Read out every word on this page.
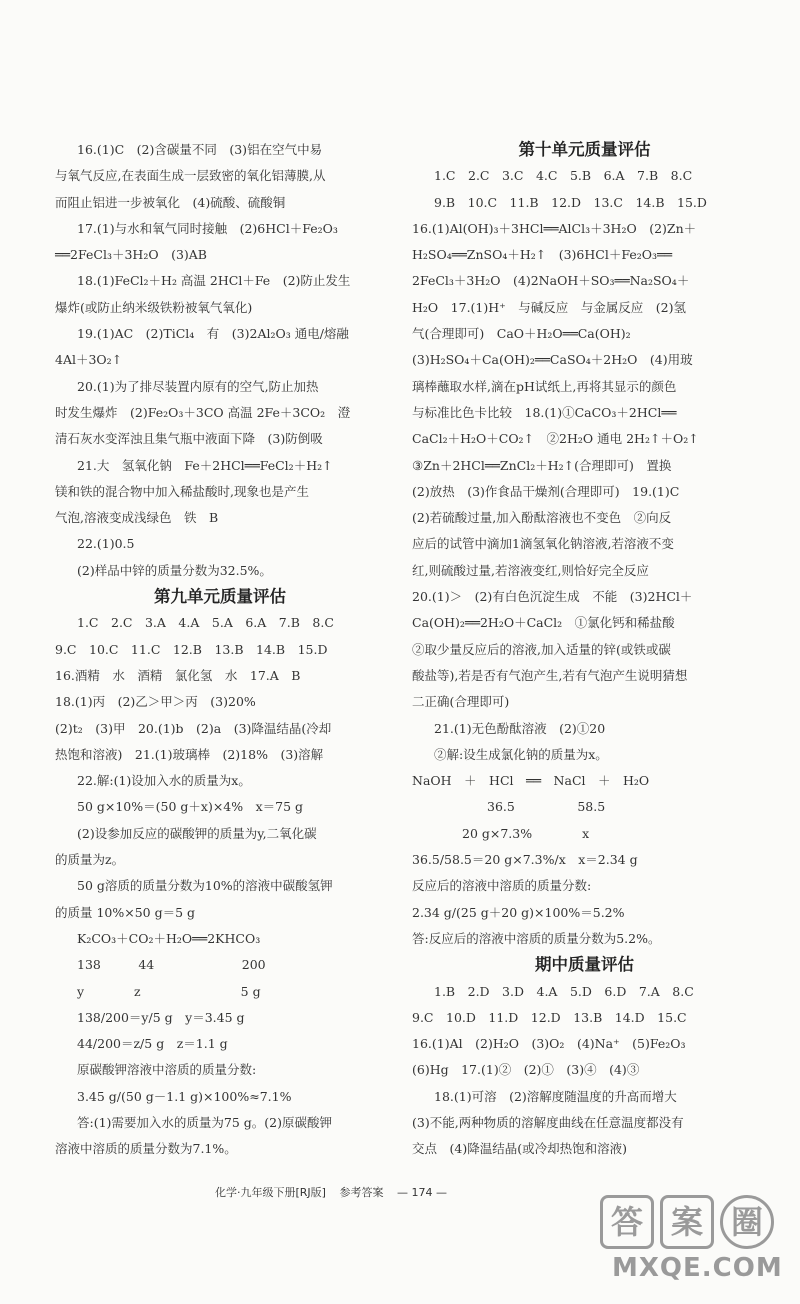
16.(1)C　(2)含碳量不同　(3)铝在空气中易
与氧气反应,在表面生成一层致密的氧化铝薄膜,从
而阻止铝进一步被氧化　(4)硫酸、硫酸铜
17.(1)与水和氧气同时接触　(2)6HCl＋Fe₂O₃
══2FeCl₃＋3H₂O　(3)AB
18.(1)FeCl₂＋H₂ 高温 2HCl＋Fe　(2)防止发生
爆炸(或防止纳米级铁粉被氧气氧化)
19.(1)AC　(2)TiCl₄　有　(3)2Al₂O₃ 通电/熔融
4Al＋3O₂↑
20.(1)为了排尽装置内原有的空气,防止加热
时发生爆炸　(2)Fe₂O₃＋3CO 高温 2Fe＋3CO₂　澄
清石灰水变浑浊且集气瓶中液面下降　(3)防倒吸
21.大　氢氧化钠　Fe＋2HCl══FeCl₂＋H₂↑
镁和铁的混合物中加入稀盐酸时,现象也是产生
气泡,溶液变成浅绿色　铁　B
22.(1)0.5
(2)样品中锌的质量分数为32.5%。
第九单元质量评估
1.C　2.C　3.A　4.A　5.A　6.A　7.B　8.C
9.C　10.C　11.C　12.B　13.B　14.B　15.D
16.酒精　水　酒精　氯化氢　水　17.A　B
18.(1)丙　(2)乙＞甲＞丙　(3)20%
(2)t₂　(3)甲　20.(1)b　(2)a　(3)降温结晶(冷却
热饱和溶液)　21.(1)玻璃棒　(2)18%　(3)溶解
22.解:(1)设加入水的质量为x。
50 g×10%＝(50 g＋x)×4%　x＝75 g
(2)设参加反应的碳酸钾的质量为y,二氧化碳
的质量为z。
50 g溶质的质量分数为10%的溶液中碳酸氢钾
的质量 10%×50 g＝5 g
K₂CO₃＋CO₂＋H₂O══2KHCO₃
138　　　44　　　　　　　200
y　　　　z　　　　　　　　5 g
138/200＝y/5 g　y＝3.45 g
44/200＝z/5 g　z＝1.1 g
原碳酸钾溶液中溶质的质量分数:
3.45 g/(50 g－1.1 g)×100%≈7.1%
答:(1)需要加入水的质量为75 g。(2)原碳酸钾
溶液中溶质的质量分数为7.1%。
第十单元质量评估
1.C　2.C　3.C　4.C　5.B　6.A　7.B　8.C
9.B　10.C　11.B　12.D　13.C　14.B　15.D
16.(1)Al(OH)₃＋3HCl══AlCl₃＋3H₂O　(2)Zn＋
H₂SO₄══ZnSO₄＋H₂↑　(3)6HCl＋Fe₂O₃══
2FeCl₃＋3H₂O　(4)2NaOH＋SO₃══Na₂SO₄＋
H₂O　17.(1)H⁺　与碱反应　与金属反应　(2)氢
气(合理即可)　CaO＋H₂O══Ca(OH)₂
(3)H₂SO₄＋Ca(OH)₂══CaSO₄＋2H₂O　(4)用玻
璃棒蘸取水样,滴在pH试纸上,再将其显示的颜色
与标准比色卡比较　18.(1)①CaCO₃＋2HCl══
CaCl₂＋H₂O＋CO₂↑　②2H₂O 通电 2H₂↑＋O₂↑
③Zn＋2HCl══ZnCl₂＋H₂↑(合理即可)　置换
(2)放热　(3)作食品干燥剂(合理即可)　19.(1)C
(2)若硫酸过量,加入酚酞溶液也不变色　②向反
应后的试管中滴加1滴氢氧化钠溶液,若溶液不变
红,则硫酸过量,若溶液变红,则恰好完全反应
20.(1)＞　(2)有白色沉淀生成　不能　(3)2HCl＋
Ca(OH)₂══2H₂O＋CaCl₂　①氯化钙和稀盐酸
②取少量反应后的溶液,加入适量的锌(或铁或碳
酸盐等),若是否有气泡产生,若有气泡产生说明猜想
二正确(合理即可)
21.(1)无色酚酞溶液　(2)①20
②解:设生成氯化钠的质量为x。
NaOH　＋　HCl　══　NaCl　＋　H₂O
　　　　　　36.5　　　　　58.5
　　　　20 g×7.3%　　　　x
36.5/58.5＝20 g×7.3%/x　x＝2.34 g
反应后的溶液中溶质的质量分数:
2.34 g/(25 g＋20 g)×100%＝5.2%
答:反应后的溶液中溶质的质量分数为5.2%。
期中质量评估
1.B　2.D　3.D　4.A　5.D　6.D　7.A　8.C
9.C　10.D　11.D　12.D　13.B　14.D　15.C
16.(1)Al　(2)H₂O　(3)O₂　(4)Na⁺　(5)Fe₂O₃
(6)Hg　17.(1)②　(2)①　(3)④　(4)③
18.(1)可溶　(2)溶解度随温度的升高而增大
(3)不能,两种物质的溶解度曲线在任意温度都没有
交点　(4)降温结晶(或冷却热饱和溶液)
化学·九年级下册[RJ版] 参考答案 — 174 —
答 案 圈
MXQE.COM
